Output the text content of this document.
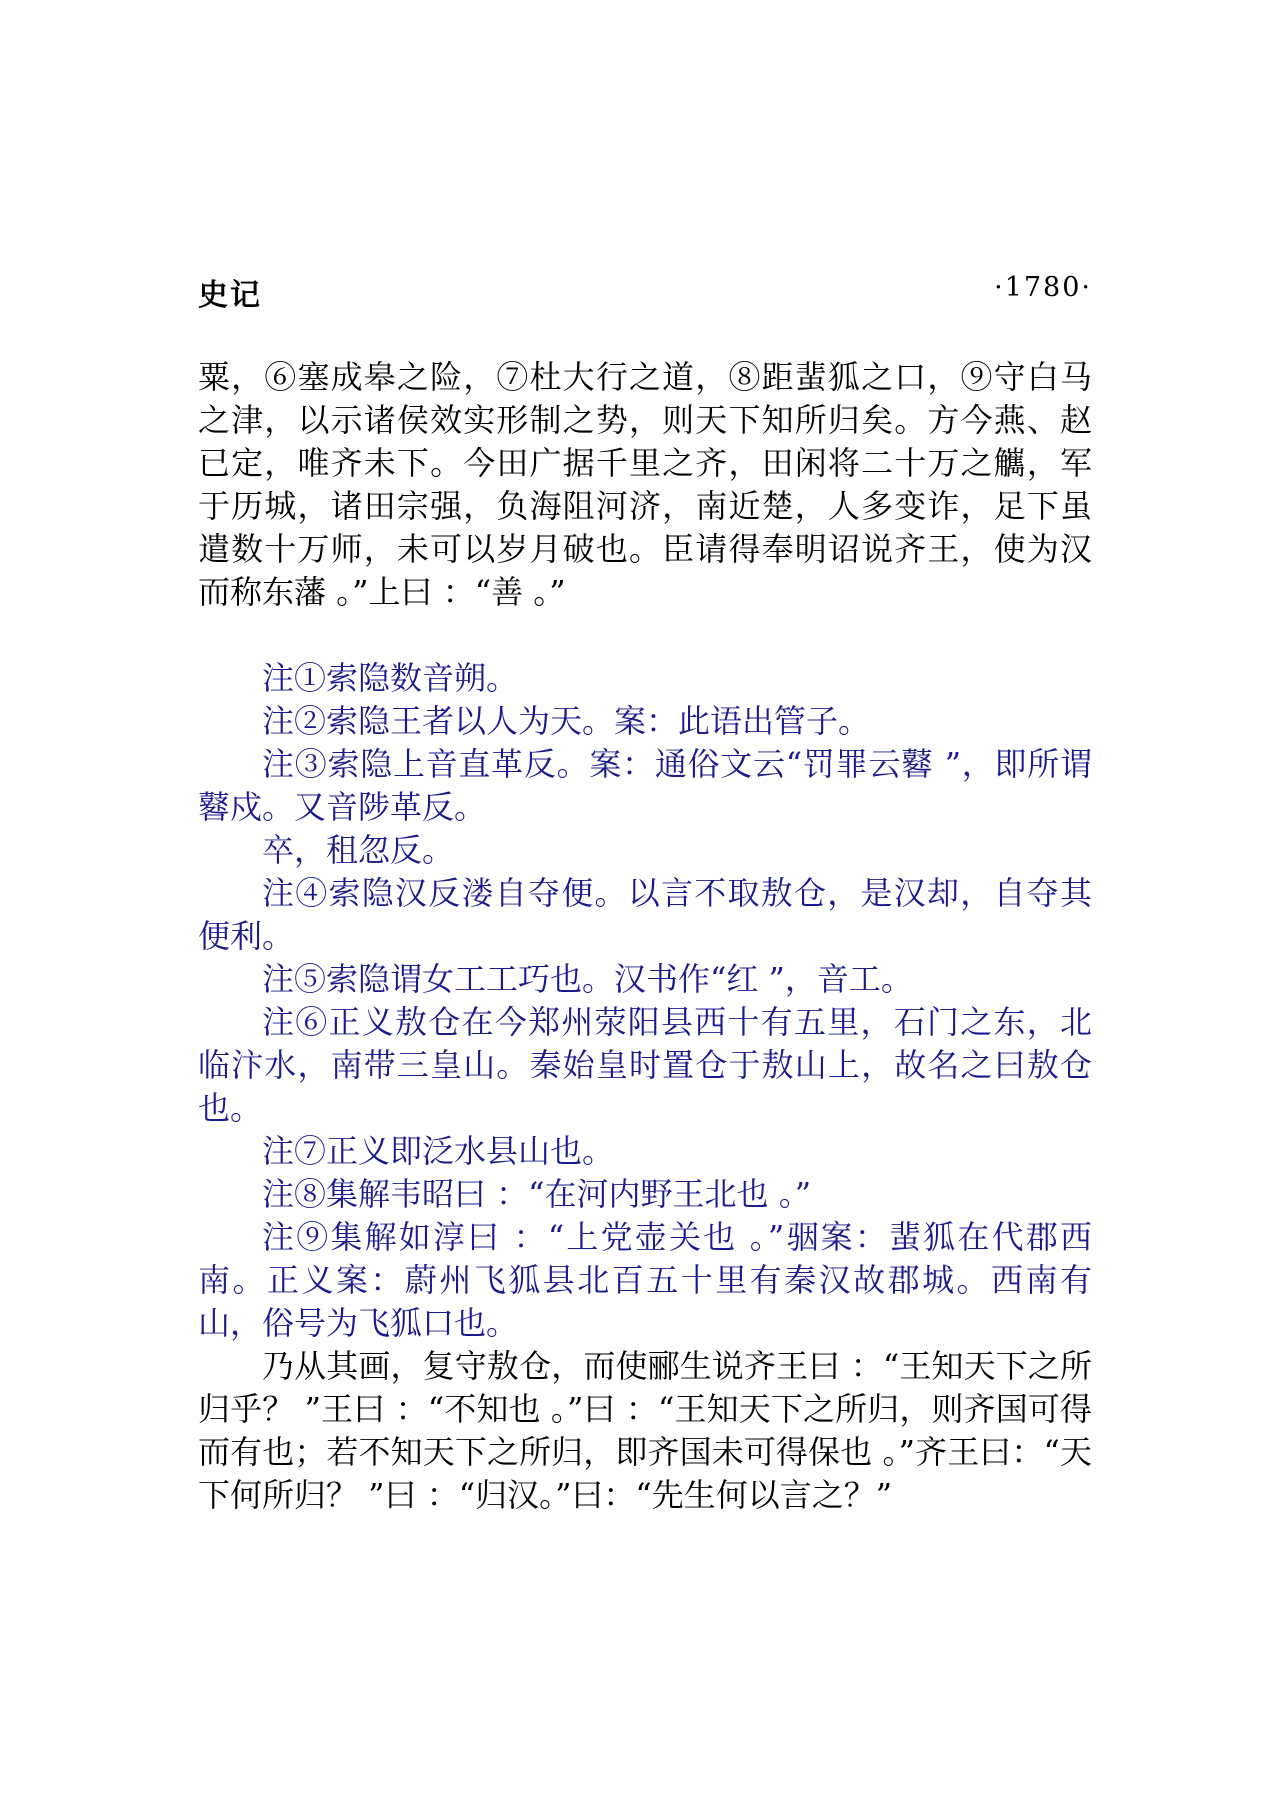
史记	·1780·

粟，⑥塞成皋之险，⑦杜大行之道，⑧距蜚狐之口，⑨守白马之津，以示诸侯效实形制之势，则天下知所归矣。方今燕、赵已定，唯齐未下。今田广据千里之齐，田闲将二十万之觽，军于历城，诸田宗强，负海阻河济，南近楚，人多变诈，足下虽遣数十万师，未可以岁月破也。臣请得奉明诏说齐王，使为汉而称东藩 。”上曰 ：“善 。”

注①索隐数音朔。

注②索隐王者以人为天。案：此语出管子。

注③索隐上音直革反。案：通俗文云“罚罪云鼛 ”，即所谓鼛戍。又音陟革反。

卒，租忽反。

注④索隐汉反溇自夺便。以言不取敖仓，是汉却，自夺其便利。

注⑤索隐谓女工工巧也。汉书作“红 ”，音工。

注⑥正义敖仓在今郑州荥阳县西十有五里，石门之东，北临汴水，南带三皇山。秦始皇时置仓于敖山上，故名之曰敖仓也。

注⑦正义即泛水县山也。

注⑧集解韦昭曰 ：“在河内野王北也 。”

注⑨集解如淳曰 ：“上党壶关也 。”骃案：蜚狐在代郡西南。正义案：蔚州飞狐县北百五十里有秦汉故郡城。西南有山，俗号为飞狐口也。

乃从其画，复守敖仓，而使郦生说齐王曰 ：“王知天下之所归乎？ ”王曰 ：“不知也 。”曰 ：“王知天下之所归，则齐国可得而有也；若不知天下之所归，即齐国未可得保也 。”齐王曰：“天下何所归？ ”曰 ：“归汉。”曰：“先生何以言之？”
